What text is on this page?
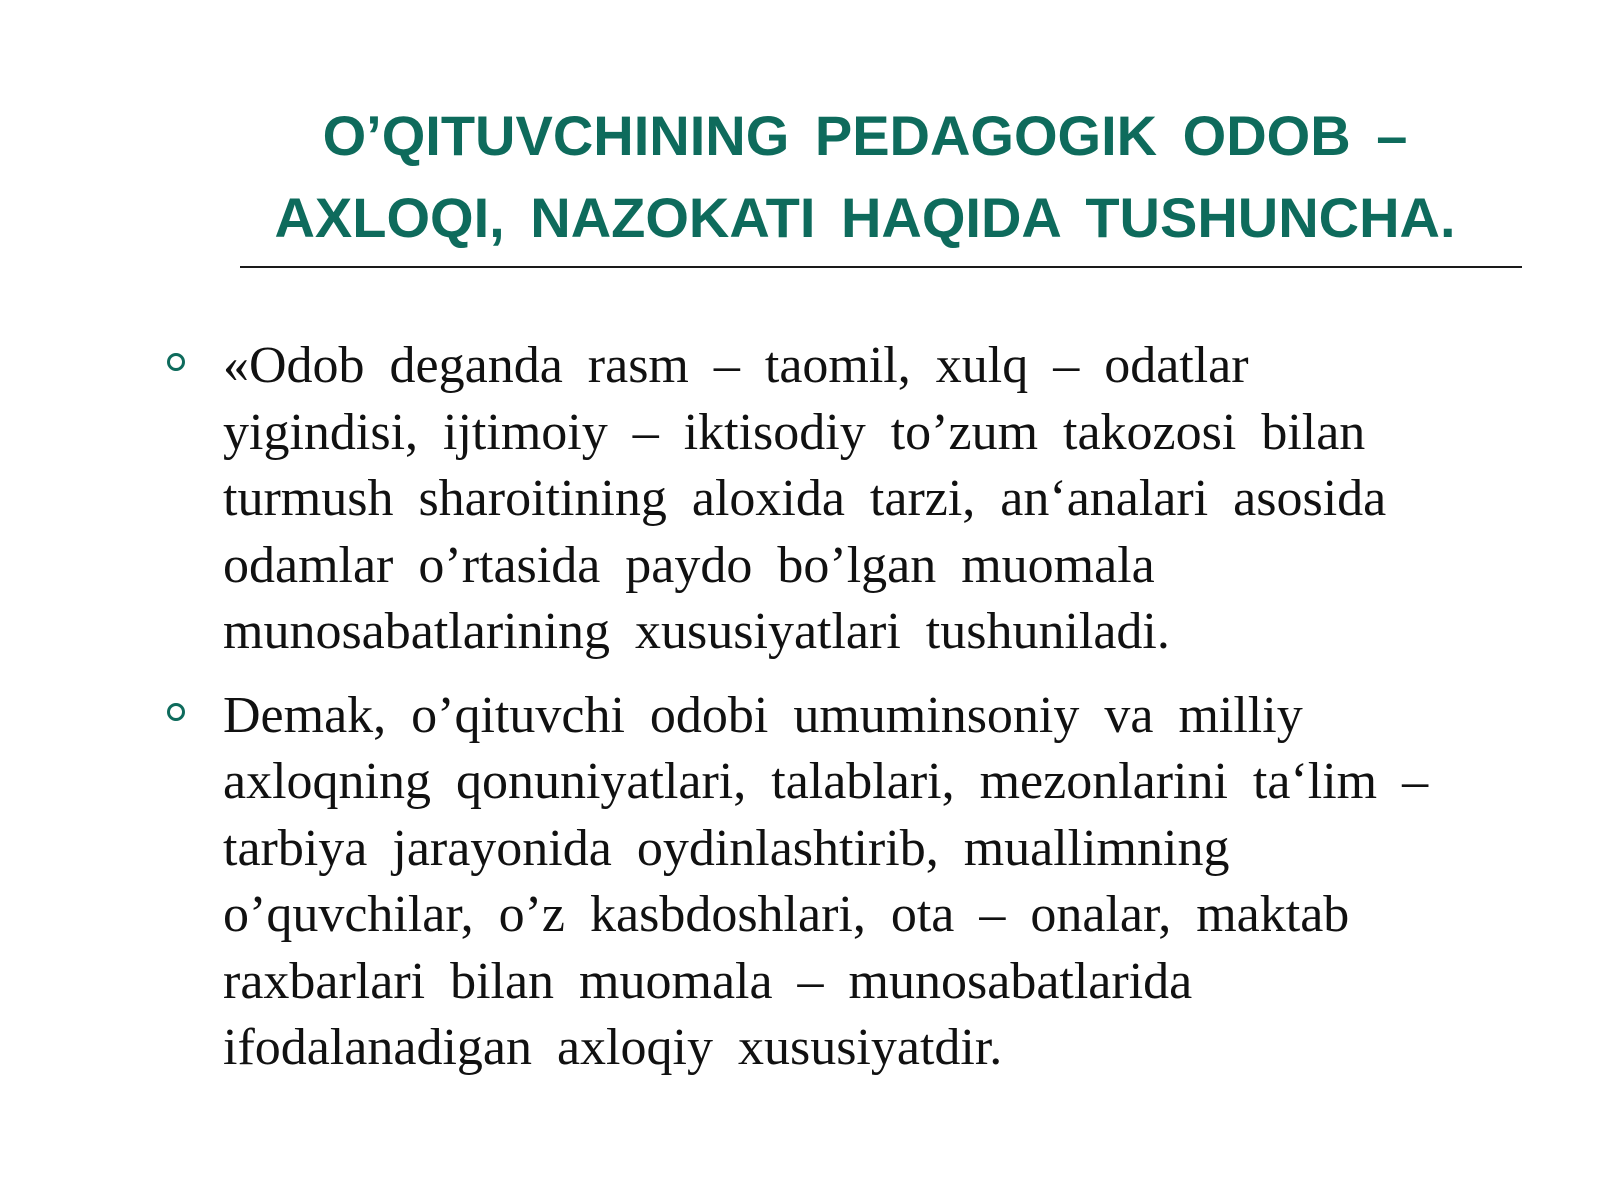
O’QITUVCHINING PEDAGOGIK ODOB –
AXLOQI, NAZOKATI HAQIDA TUSHUNCHA.
«Odob deganda rasm – taomil, xulq – odatlar
yigindisi, ijtimoiy – iktisodiy to’zum takozosi bilan
turmush sharoitining aloxida tarzi, an‘analari asosida
odamlar o’rtasida paydo bo’lgan muomala
munosabatlarining xususiyatlari tushuniladi.
Demak, o’qituvchi odobi umuminsoniy va milliy
axloqning qonuniyatlari, talablari, mezonlarini ta‘lim –
tarbiya jarayonida oydinlashtirib, muallimning
o’quvchilar, o’z kasbdoshlari, ota – onalar, maktab
raxbarlari bilan muomala – munosabatlarida
ifodalanadigan axloqiy xususiyatdir.
